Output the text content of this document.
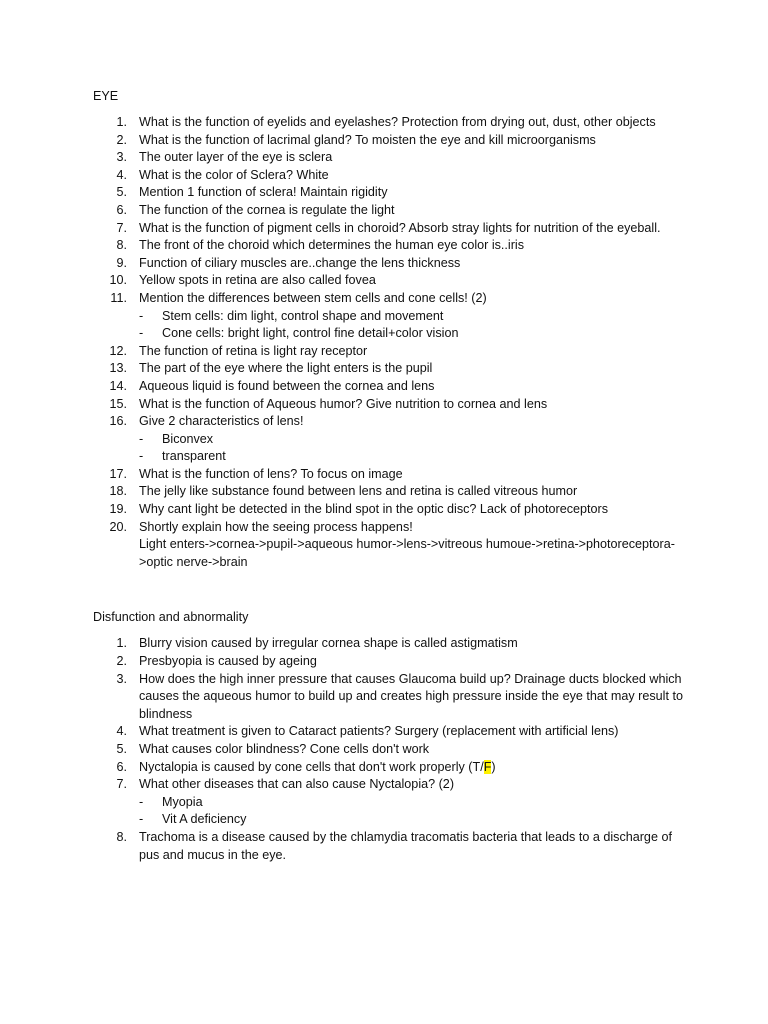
EYE
1. What is the function of eyelids and eyelashes? Protection from drying out, dust, other objects
2. What is the function of lacrimal gland? To moisten the eye and kill microorganisms
3. The outer layer of the eye is sclera
4. What is the color of Sclera? White
5. Mention 1 function of sclera! Maintain rigidity
6. The function of the cornea is regulate the light
7. What is the function of pigment cells in choroid? Absorb stray lights for nutrition of the eyeball.
8. The front of the choroid which determines the human eye color is..iris
9. Function of ciliary muscles are..change the lens thickness
10. Yellow spots in retina are also called fovea
11. Mention the differences between stem cells and cone cells! (2)
- Stem cells: dim light, control shape and movement
- Cone cells: bright light, control fine detail+color vision
12. The function of retina is light ray receptor
13. The part of the eye where the light enters is the pupil
14. Aqueous liquid is found between the cornea and lens
15. What is the function of Aqueous humor? Give nutrition to cornea and lens
16. Give 2 characteristics of lens!
- Biconvex
- transparent
17. What is the function of lens? To focus on image
18. The jelly like substance found between lens and retina is called vitreous humor
19. Why cant light be detected in the blind spot in the optic disc? Lack of photoreceptors
20. Shortly explain how the seeing process happens!
Light enters->cornea->pupil->aqueous humor->lens->vitreous humoue->retina->photoreceptora->optic nerve->brain
Disfunction and abnormality
1. Blurry vision caused by irregular cornea shape is called astigmatism
2. Presbyopia is caused by ageing
3. How does the high inner pressure that causes Glaucoma build up? Drainage ducts blocked which causes the aqueous humor to build up and creates high pressure inside the eye that may result to blindness
4. What treatment is given to Cataract patients? Surgery (replacement with artificial lens)
5. What causes color blindness? Cone cells don't work
6. Nyctalopia is caused by cone cells that don't work properly (T/F)
7. What other diseases that can also cause Nyctalopia? (2)
- Myopia
- Vit A deficiency
8. Trachoma is a disease caused by the chlamydia tracomatis bacteria that leads to a discharge of pus and mucus in the eye.
